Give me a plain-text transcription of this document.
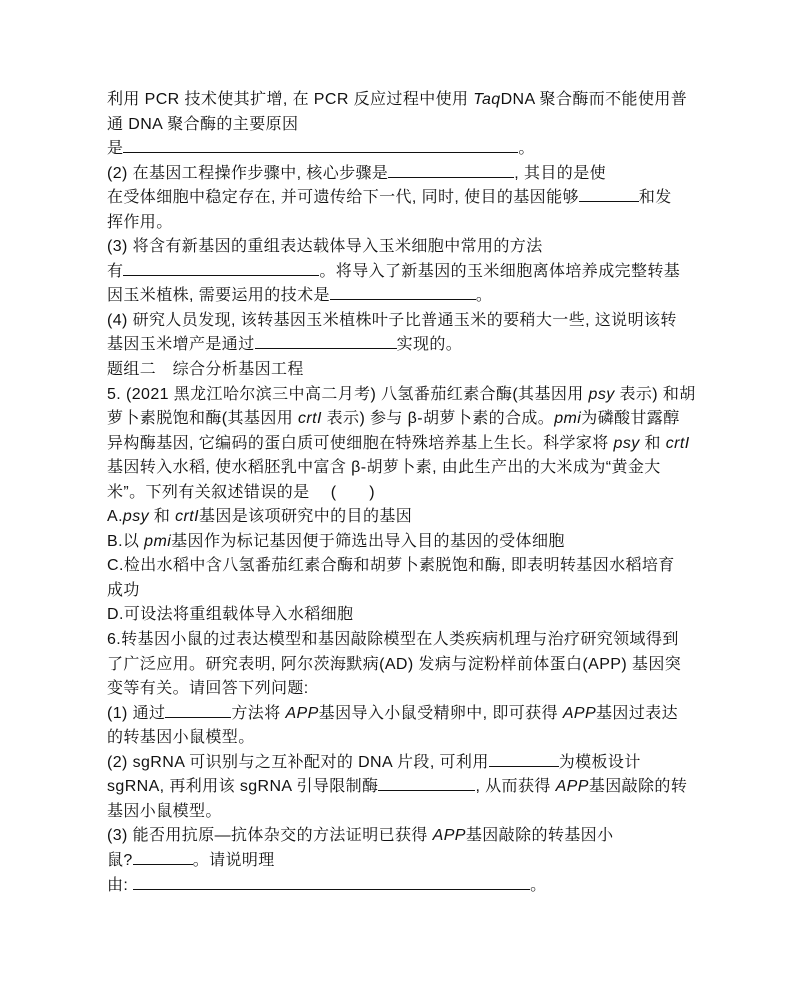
利用 PCR 技术使其扩增, 在 PCR 反应过程中使用 TaqDNA 聚合酶而不能使用普
通 DNA 聚合酶的主要原因
是	。
(2) 在基因工程操作步骤中, 核心步骤是	, 其目的是使
在受体细胞中稳定存在, 并可遗传给下一代, 同时, 使目的基因能够	和发
挥作用。
(3) 将含有新基因的重组表达载体导入玉米细胞中常用的方法
有	。将导入了新基因的玉米细胞离体培养成完整转基
因玉米植株, 需要运用的技术是	。
(4) 研究人员发现, 该转基因玉米植株叶子比普通玉米的要稍大一些, 这说明该转
基因玉米增产是通过	实现的。
题组二　综合分析基因工程
5. (2021 黑龙江哈尔滨三中高二月考) 八氢番茄红素合酶(其基因用 psy 表示) 和胡
萝卜素脱饱和酶(其基因用 crtI 表示) 参与 β-胡萝卜素的合成。pmi为磷酸甘露醇
异构酶基因, 它编码的蛋白质可使细胞在特殊培养基上生长。科学家将 psy 和 crtI
基因转入水稻, 使水稻胚乳中富含 β-胡萝卜素, 由此生产出的大米成为“黄金大
米”。下列有关叙述错误的是　 (　　)
A.psy 和 crtI基因是该项研究中的目的基因
B.以 pmi基因作为标记基因便于筛选出导入目的基因的受体细胞
C.检出水稻中含八氢番茄红素合酶和胡萝卜素脱饱和酶, 即表明转基因水稻培育
成功
D.可设法将重组载体导入水稻细胞
6.转基因小鼠的过表达模型和基因敲除模型在人类疾病机理与治疗研究领域得到
了广泛应用。研究表明, 阿尔茨海默病(AD) 发病与淀粉样前体蛋白(APP) 基因突
变等有关。请回答下列问题:
(1) 通过	方法将 APP基因导入小鼠受精卵中, 即可获得 APP基因过表达
的转基因小鼠模型。
(2) sgRNA 可识别与之互补配对的 DNA 片段, 可利用	为模板设计
sgRNA, 再利用该 sgRNA 引导限制酶	, 从而获得 APP基因敲除的转
基因小鼠模型。
(3) 能否用抗原—抗体杂交的方法证明已获得 APP基因敲除的转基因小
鼠?	。请说明理
由:	。
